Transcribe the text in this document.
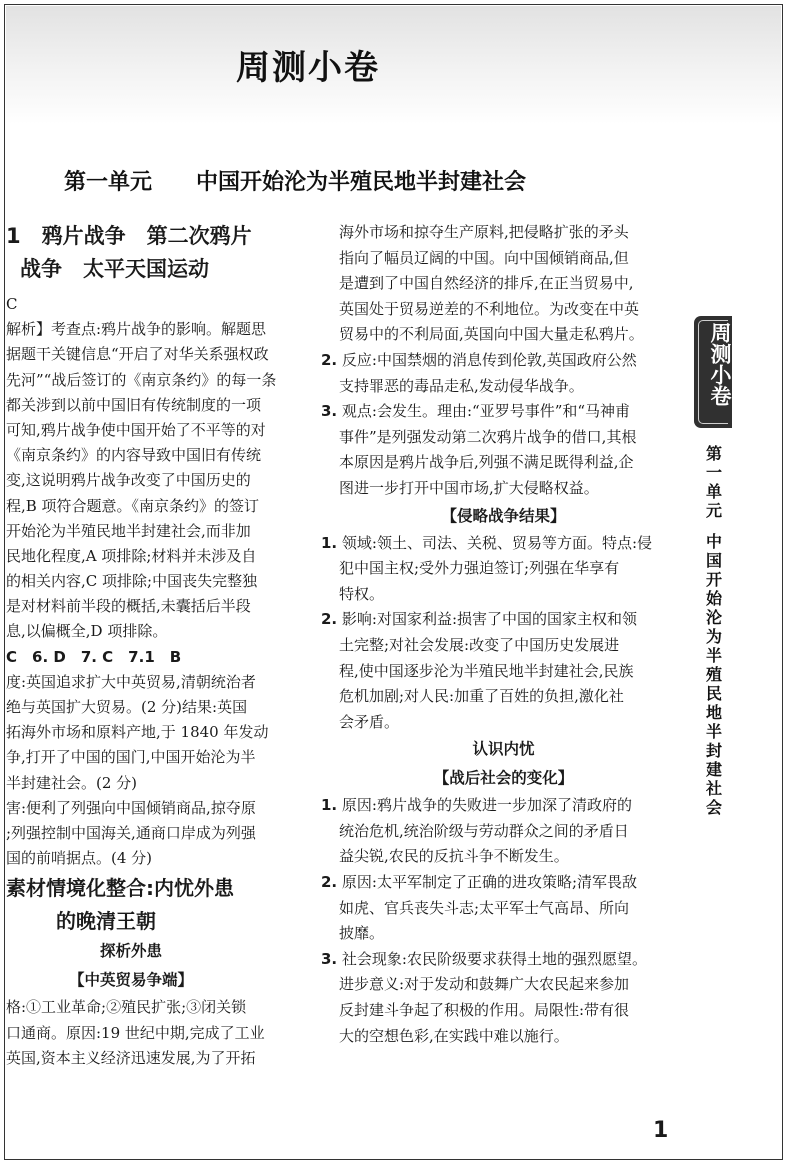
周测小卷
第一单元　　中国开始沦为半殖民地半封建社会
1　鸦片战争　第二次鸦片
战争　太平天国运动
C
解析】考查点:鸦片战争的影响。解题思
据题干关键信息“开启了对华关系强权政
先河”“战后签订的《南京条约》的每一条
都关涉到以前中国旧有传统制度的一项
可知,鸦片战争使中国开始了不平等的对
《南京条约》的内容导致中国旧有传统
变,这说明鸦片战争改变了中国历史的
程,B 项符合题意。《南京条约》的签订
开始沦为半殖民地半封建社会,而非加
民地化程度,A 项排除;材料并未涉及自
的相关内容,C 项排除;中国丧失完整独
是对材料前半段的概括,未囊括后半段
息,以偏概全,D 项排除。
C　6. D　7. C　7.1　B
度:英国追求扩大中英贸易,清朝统治者
绝与英国扩大贸易。(2 分)结果:英国
拓海外市场和原料产地,于 1840 年发动
争,打开了中国的国门,中国开始沦为半
半封建社会。(2 分)
害:便利了列强向中国倾销商品,掠夺原
;列强控制中国海关,通商口岸成为列强
国的前哨据点。(4 分)
素材情境化整合:内忧外患
的晚清王朝
探析外患
【中英贸易争端】
格:①工业革命;②殖民扩张;③闭关锁
口通商。原因:19 世纪中期,完成了工业
英国,资本主义经济迅速发展,为了开拓
海外市场和掠夺生产原料,把侵略扩张的矛头
指向了幅员辽阔的中国。向中国倾销商品,但
是遭到了中国自然经济的排斥,在正当贸易中,
英国处于贸易逆差的不利地位。为改变在中英
贸易中的不利局面,英国向中国大量走私鸦片。
2. 反应:中国禁烟的消息传到伦敦,英国政府公然
支持罪恶的毒品走私,发动侵华战争。
3. 观点:会发生。理由:“亚罗号事件”和“马神甫
事件”是列强发动第二次鸦片战争的借口,其根
本原因是鸦片战争后,列强不满足既得利益,企
图进一步打开中国市场,扩大侵略权益。
【侵略战争结果】
1. 领域:领土、司法、关税、贸易等方面。特点:侵
犯中国主权;受外力强迫签订;列强在华享有
特权。
2. 影响:对国家利益:损害了中国的国家主权和领
土完整;对社会发展:改变了中国历史发展进
程,使中国逐步沦为半殖民地半封建社会,民族
危机加剧;对人民:加重了百姓的负担,激化社
会矛盾。
认识内忧
【战后社会的变化】
1. 原因:鸦片战争的失败进一步加深了清政府的
统治危机,统治阶级与劳动群众之间的矛盾日
益尖锐,农民的反抗斗争不断发生。
2. 原因:太平军制定了正确的进攻策略;清军畏敌
如虎、官兵丧失斗志;太平军士气高昂、所向
披靡。
3. 社会现象:农民阶级要求获得土地的强烈愿望。
进步意义:对于发动和鼓舞广大农民起来参加
反封建斗争起了积极的作用。局限性:带有很
大的空想色彩,在实践中难以施行。
周测小卷
第
一
单
元
中
国
开
始
沦
为
半
殖
民
地
半
封
建
社
会
1
